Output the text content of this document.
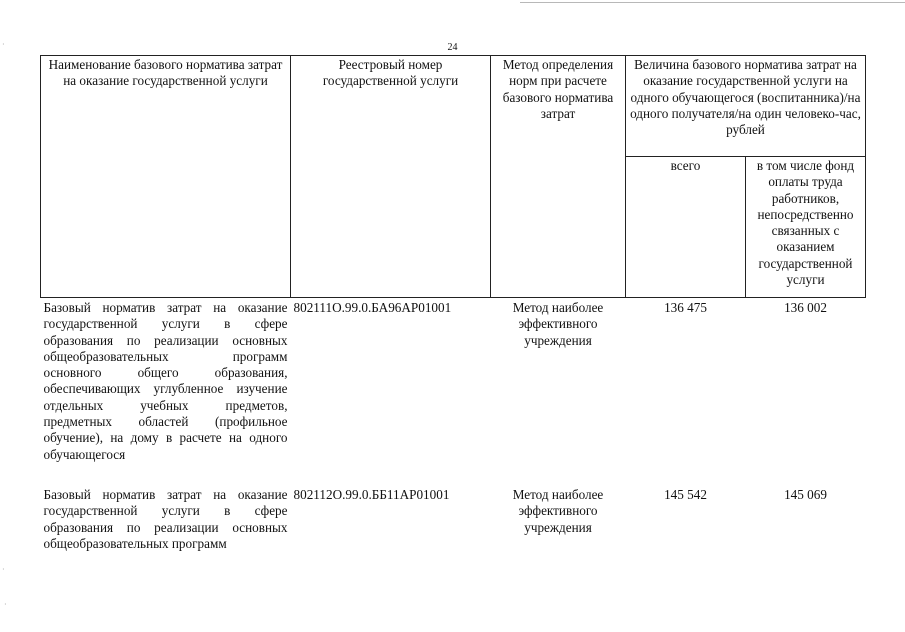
24
Наименование базового норматива затрат на оказание государственной услуги	Реестровый номер государственной услуги	Метод определения норм при расчете базового норматива затрат	Величина базового норматива затрат на оказание государственной услуги на одного обучающегося (воспитанника)/на одного получателя/на один человеко-час, рублей	
			всего	в том числе фонд оплаты труда работников, непосредственно связанных с оказанием государственной услуги
Базовый норматив затрат на оказание государственной услуги в сфере образования по реализации основных общеобразовательных программ основного общего образования, обеспечивающих углубленное изучение отдельных учебных предметов, предметных областей (профильное обучение), на дому в расчете на одного обучающегося	802111О.99.0.БА96АР01001	Метод наиболее эффективного учреждения	136 475	136 002

Базовый норматив затрат на оказание государственной услуги в сфере образования по реализации основных общеобразовательных программ	802112О.99.0.ББ11АР01001	Метод наиболее эффективного учреждения	145 542	145 069
·
·
·
